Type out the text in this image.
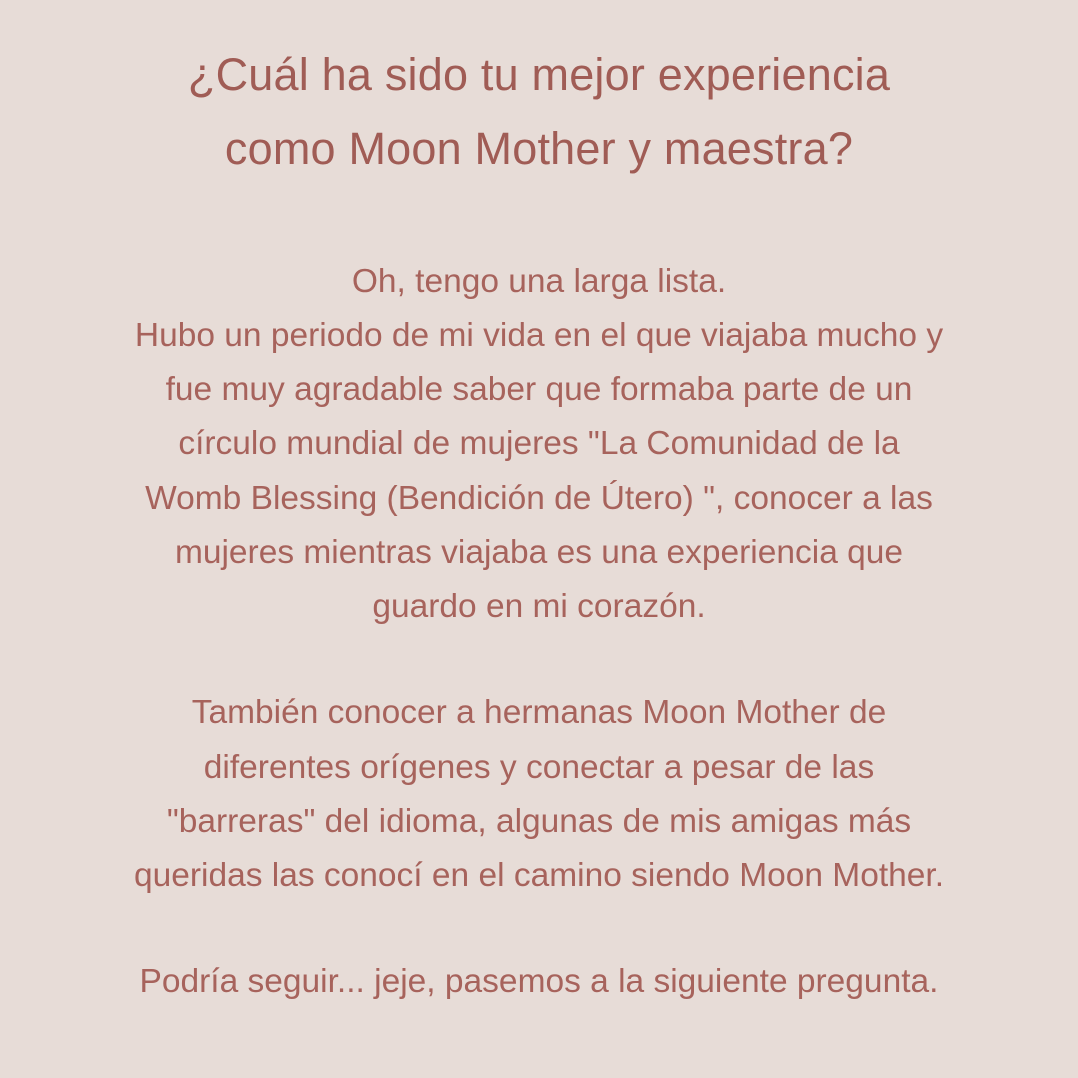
¿Cuál ha sido tu mejor experiencia
como Moon Mother y maestra?
Oh, tengo una larga lista.
Hubo un periodo de mi vida en el que viajaba mucho y
fue muy agradable saber que formaba parte de un
círculo mundial de mujeres "La Comunidad de la
Womb Blessing (Bendición de Útero) ", conocer a las
mujeres mientras viajaba es una experiencia que
guardo en mi corazón.
También conocer a hermanas Moon Mother de
diferentes orígenes y conectar a pesar de las
"barreras" del idioma, algunas de mis amigas más
queridas las conocí en el camino siendo Moon Mother.
Podría seguir... jeje, pasemos a la siguiente pregunta.
